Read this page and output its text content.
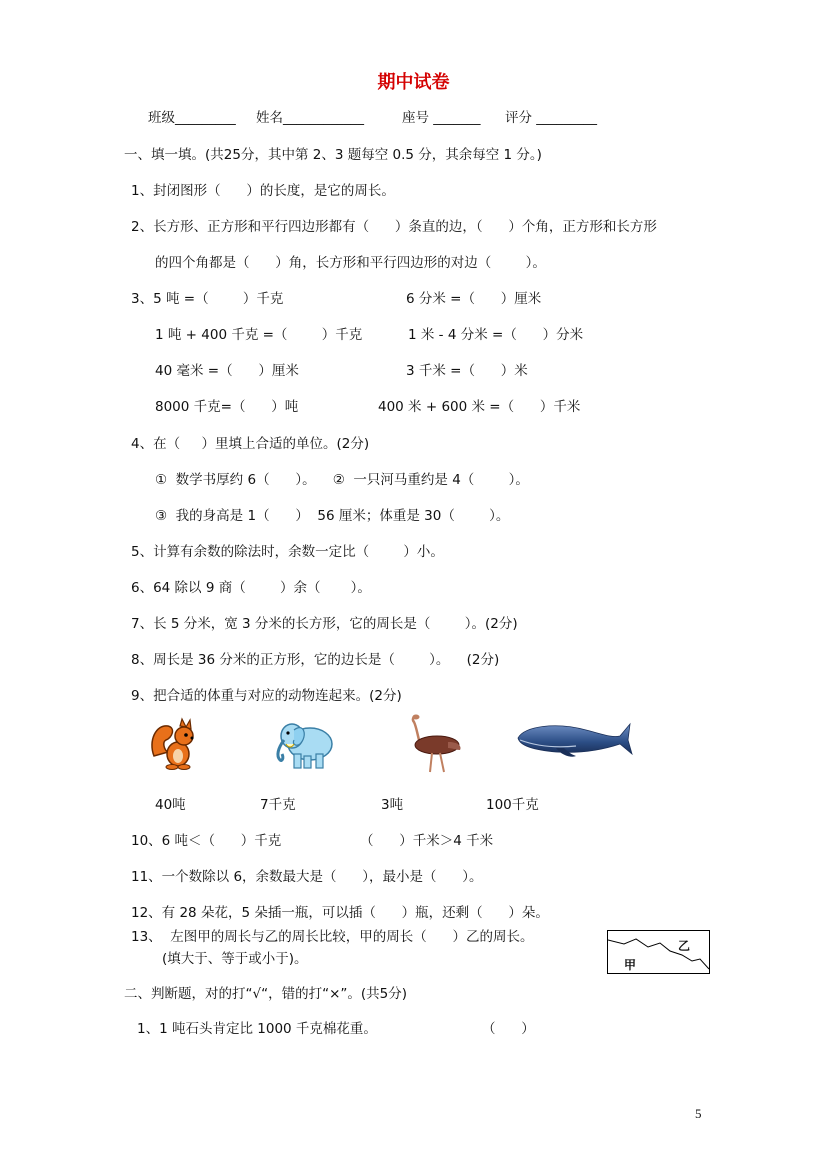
期中试卷
班级_________ 姓名____________	座号 _______ 评分 _________
一、填一填。(共25分，其中第 2、3 题每空 0.5 分，其余每空 1 分。)
1、封闭图形（      ）的长度，是它的周长。
2、长方形、正方形和平行四边形都有（      ）条直的边，（      ）个角，正方形和长方形
的四个角都是（      ）角，长方形和平行四边形的对边（        ）。
3、5 吨 =（        ）千克	6 分米 =（      ）厘米
1 吨 + 400 千克 =（        ）千克	1 米 - 4 分米 =（      ）分米
40 毫米 =（      ）厘米	3 千米 =（      ）米
8000 千克=（      ）吨	400 米 + 600 米 =（      ）千米
4、在（     ）里填上合适的单位。(2分)
①  数学书厚约 6（      ）。    ②  一只河马重约是 4（        ）。
③  我的身高是 1（      ）  56 厘米；体重是 30（        ）。
5、计算有余数的除法时，余数一定比（        ）小。
6、64 除以 9 商（        ）余（       ）。
7、长 5 分米，宽 3 分米的长方形，它的周长是（        ）。(2分)
8、周长是 36 分米的正方形，它的边长是（        ）。    (2分)
9、把合适的体重与对应的动物连起来。(2分)
40吨	7千克	3吨	100千克
10、6 吨＜（      ）千克	（      ）千米＞4 千米
11、一个数除以 6，余数最大是（      ），最小是（      ）。
12、有 28 朵花，5 朵插一瓶，可以插（      ）瓶，还剩（      ）朵。
13、  左图甲的周长与乙的周长比较，甲的周长（      ）乙的周长。
(填大于、等于或小于)。	甲
乙
二、判断题，对的打“√“，错的打“×”。(共5分)
1、1 吨石头肯定比 1000 千克棉花重。	（      ）
5
